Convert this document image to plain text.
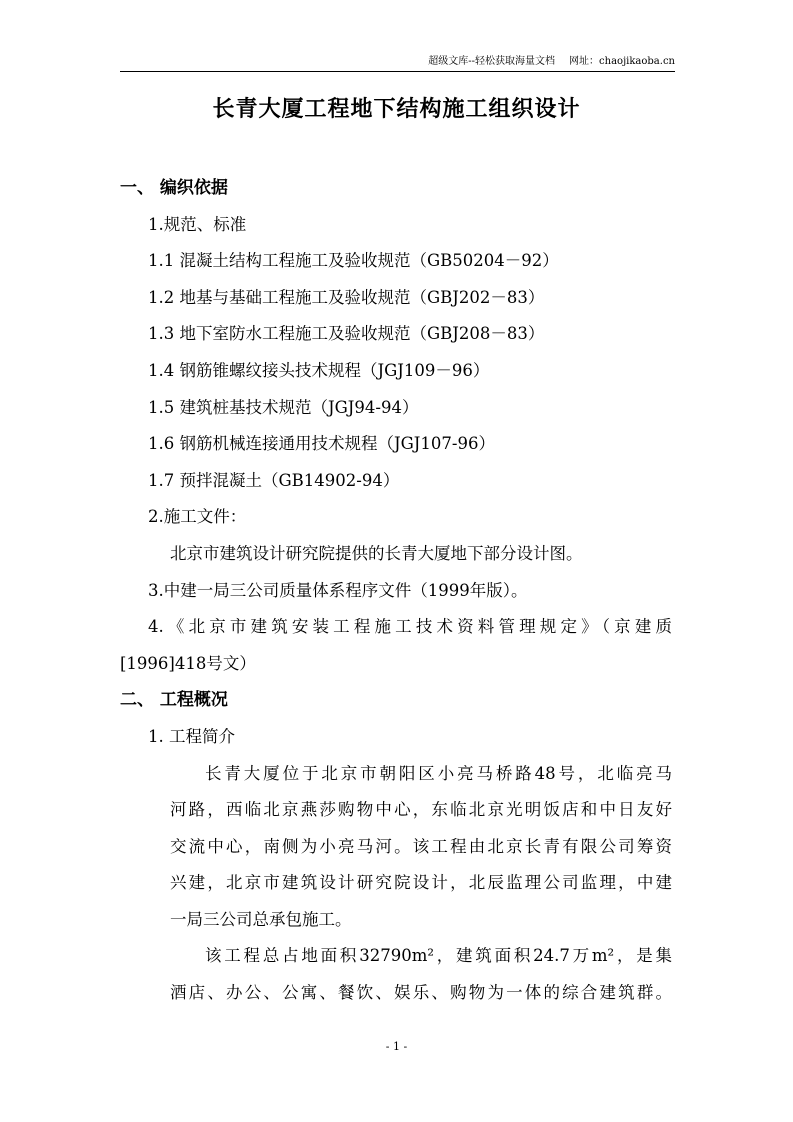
超级文库--轻松获取海量文档 网址：chaojikaoba.cn
长青大厦工程地下结构施工组织设计
一、 编织依据
1.规范、标准
1.1 混凝土结构工程施工及验收规范（GB50204－92）
1.2 地基与基础工程施工及验收规范（GBJ202－83）
1.3 地下室防水工程施工及验收规范（GBJ208－83）
1.4 钢筋锥螺纹接头技术规程（JGJ109－96）
1.5 建筑桩基技术规范（JGJ94-94）
1.6 钢筋机械连接通用技术规程（JGJ107-96）
1.7 预拌混凝土（GB14902-94）
2.施工文件：
北京市建筑设计研究院提供的长青大厦地下部分设计图。
3.中建一局三公司质量体系程序文件（1999年版）。
4.《北京市建筑安装工程施工技术资料管理规定》（京建质
[1996]418号文）
二、 工程概况
1. 工程简介
长青大厦位于北京市朝阳区小亮马桥路48号，北临亮马
河路，西临北京燕莎购物中心，东临北京光明饭店和中日友好
交流中心，南侧为小亮马河。该工程由北京长青有限公司筹资
兴建，北京市建筑设计研究院设计，北辰监理公司监理，中建
一局三公司总承包施工。
该工程总占地面积32790m²，建筑面积24.7万m²，是集
酒店、办公、公寓、餐饮、娱乐、购物为一体的综合建筑群。
- 1 -
